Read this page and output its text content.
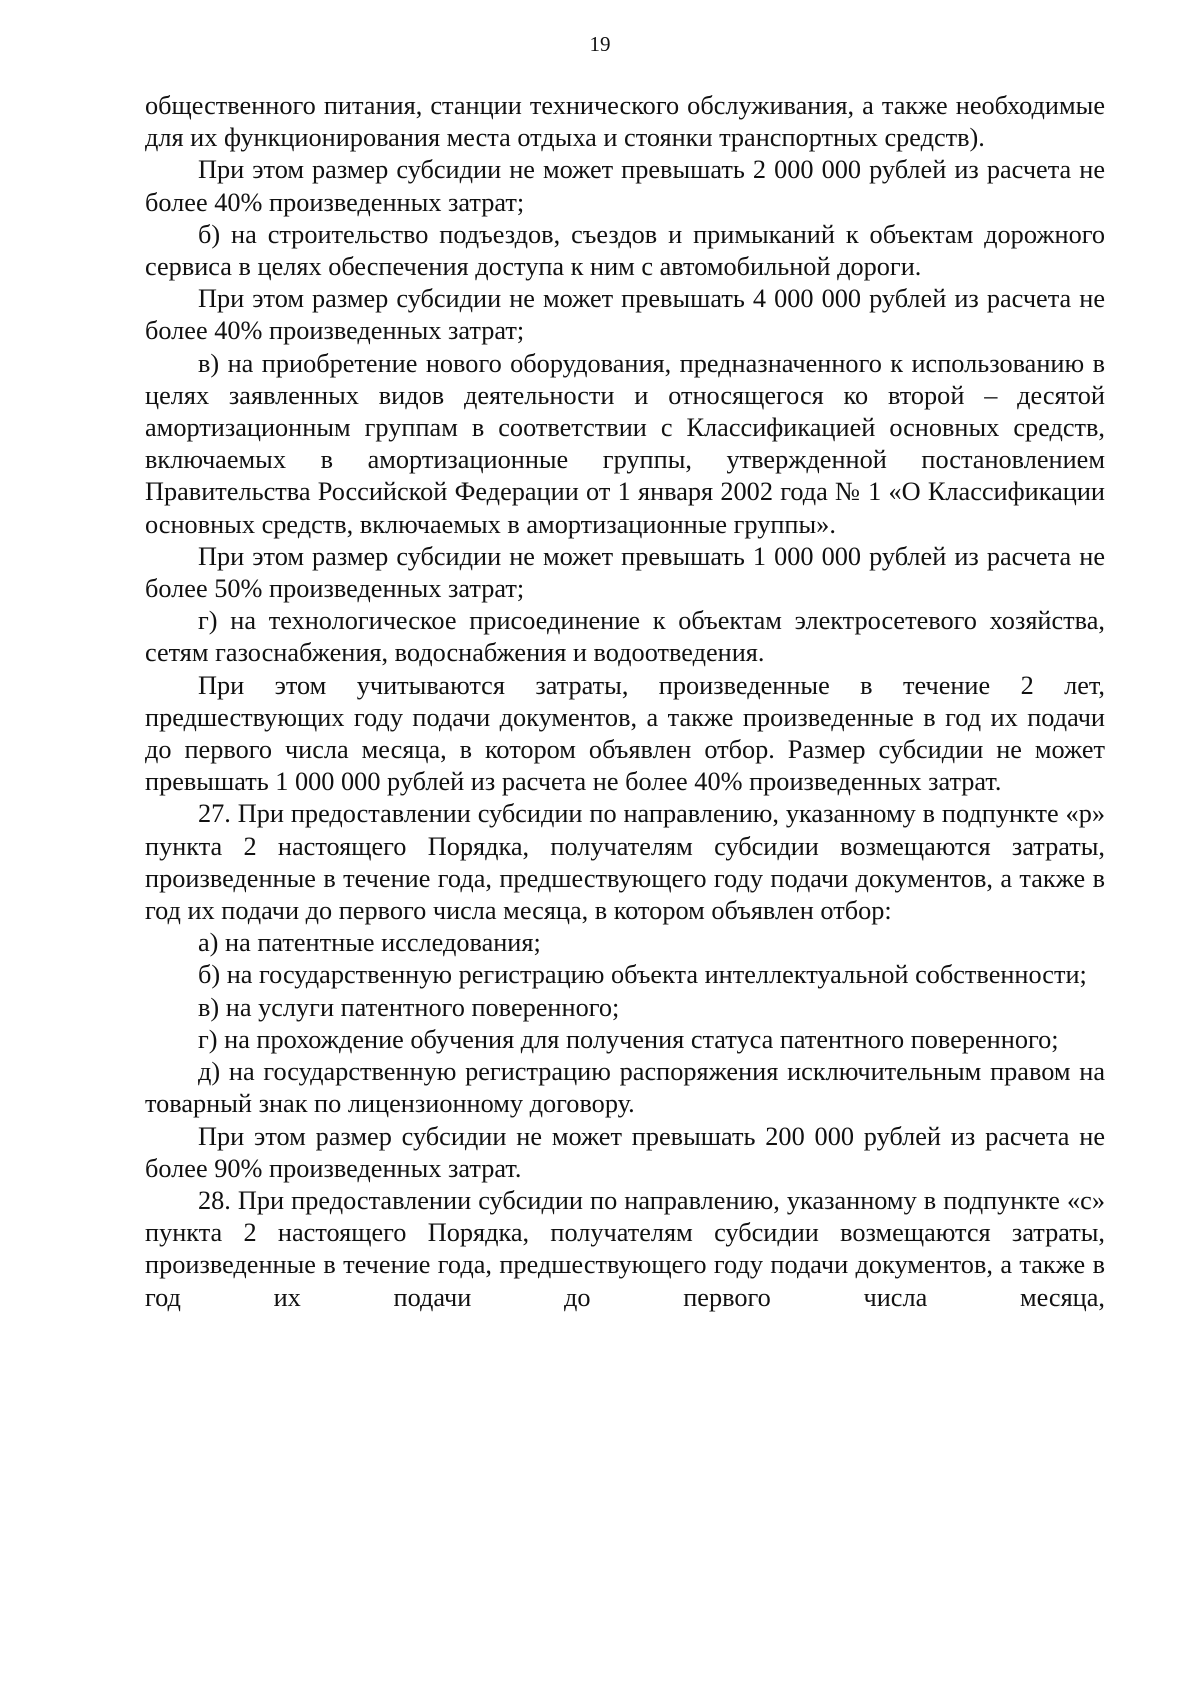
19

общественного питания, станции технического обслуживания, а также необходимые для их функционирования места отдыха и стоянки транспортных средств).

При этом размер субсидии не может превышать 2 000 000 рублей из расчета не более 40% произведенных затрат;

б) на строительство подъездов, съездов и примыканий к объектам дорожного сервиса в целях обеспечения доступа к ним с автомобильной дороги.

При этом размер субсидии не может превышать 4 000 000 рублей из расчета не более 40% произведенных затрат;

в) на приобретение нового оборудования, предназначенного к использованию в целях заявленных видов деятельности и относящегося ко второй – десятой амортизационным группам в соответствии с Классификацией основных средств, включаемых в амортизационные группы, утвержденной постановлением Правительства Российской Федерации от 1 января 2002 года № 1 «О Классификации основных средств, включаемых в амортизационные группы».

При этом размер субсидии не может превышать 1 000 000 рублей из расчета не более 50% произведенных затрат;

г) на технологическое присоединение к объектам электросетевого хозяйства, сетям газоснабжения, водоснабжения и водоотведения.

При этом учитываются затраты, произведенные в течение 2 лет, предшествующих году подачи документов, а также произведенные в год их подачи до первого числа месяца, в котором объявлен отбор. Размер субсидии не может превышать 1 000 000 рублей из расчета не более 40% произведенных затрат.

27. При предоставлении субсидии по направлению, указанному в подпункте «р» пункта 2 настоящего Порядка, получателям субсидии возмещаются затраты, произведенные в течение года, предшествующего году подачи документов, а также в год их подачи до первого числа месяца, в котором объявлен отбор:

а) на патентные исследования;

б) на государственную регистрацию объекта интеллектуальной собственности;

в) на услуги патентного поверенного;

г) на прохождение обучения для получения статуса патентного поверенного;

д) на государственную регистрацию распоряжения исключительным правом на товарный знак по лицензионному договору.

При этом размер субсидии не может превышать 200 000 рублей из расчета не более 90% произведенных затрат.

28. При предоставлении субсидии по направлению, указанному в подпункте «с» пункта 2 настоящего Порядка, получателям субсидии возмещаются затраты, произведенные в течение года, предшествующего году подачи документов, а также в год их подачи до первого числа месяца,
